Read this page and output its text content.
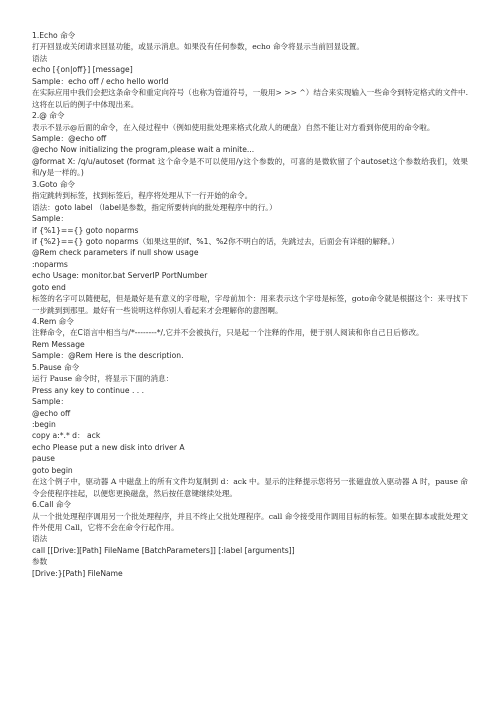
1.Echo 命令
打开回显或关闭请求回显功能，或显示消息。如果没有任何参数，echo 命令将显示当前回显设置。
语法
echo [{on|off}] [message]
Sample：echo off / echo hello world
在实际应用中我们会把这条命令和重定向符号（也称为管道符号，一般用> >> ^）结合来实现输入一些命令到特定格式的文件中.这将在以后的例子中体现出来。
2.@ 命令
表示不显示@后面的命令，在入侵过程中（例如使用批处理来格式化敌人的硬盘）自然不能让对方看到你使用的命令啦。
Sample：@echo off
@echo Now initializing the program,please wait a minite...
@format X: /q/u/autoset (format 这个命令是不可以使用/y这个参数的，可喜的是微软留了个autoset这个参数给我们，效果和/y是一样的。)
3.Goto 命令
指定跳转到标签，找到标签后，程序将处理从下一行开始的命令。
语法：goto label （label是参数，指定所要转向的批处理程序中的行。）
Sample：
if {%1}=={} goto noparms
if {%2}=={} goto noparms（如果这里的if、%1、%2你不明白的话，先跳过去，后面会有详细的解释。）
@Rem check parameters if null show usage
:noparms
echo Usage: monitor.bat ServerIP PortNumber
goto end
标签的名字可以随便起，但是最好是有意义的字母啦，字母前加个：用来表示这个字母是标签，goto命令就是根据这个：来寻找下一步跳到到那里。最好有一些说明这样你别人看起来才会理解你的意图啊。
4.Rem 命令
注释命令，在C语言中相当与/*--------*/,它并不会被执行，只是起一个注释的作用，便于别人阅读和你自己日后修改。
Rem Message
Sample：@Rem Here is the description.
5.Pause 命令
运行 Pause 命令时，将显示下面的消息：
Press any key to continue . . .
Sample：
@echo off
:begin
copy a:*.* d： ack
echo Please put a new disk into driver A
pause
goto begin
在这个例子中，驱动器 A 中磁盘上的所有文件均复制到 d：ack 中。显示的注释提示您将另一张磁盘放入驱动器 A 时，pause 命令会使程序挂起，以便您更换磁盘，然后按任意键继续处理。
6.Call 命令
从一个批处理程序调用另一个批处理程序，并且不终止父批处理程序。call 命令接受用作调用目标的标签。如果在脚本或批处理文件外使用 Call，它将不会在命令行起作用。
语法
call [[Drive:][Path] FileName [BatchParameters]] [:label [arguments]]
参数
[Drive:}[Path] FileName
